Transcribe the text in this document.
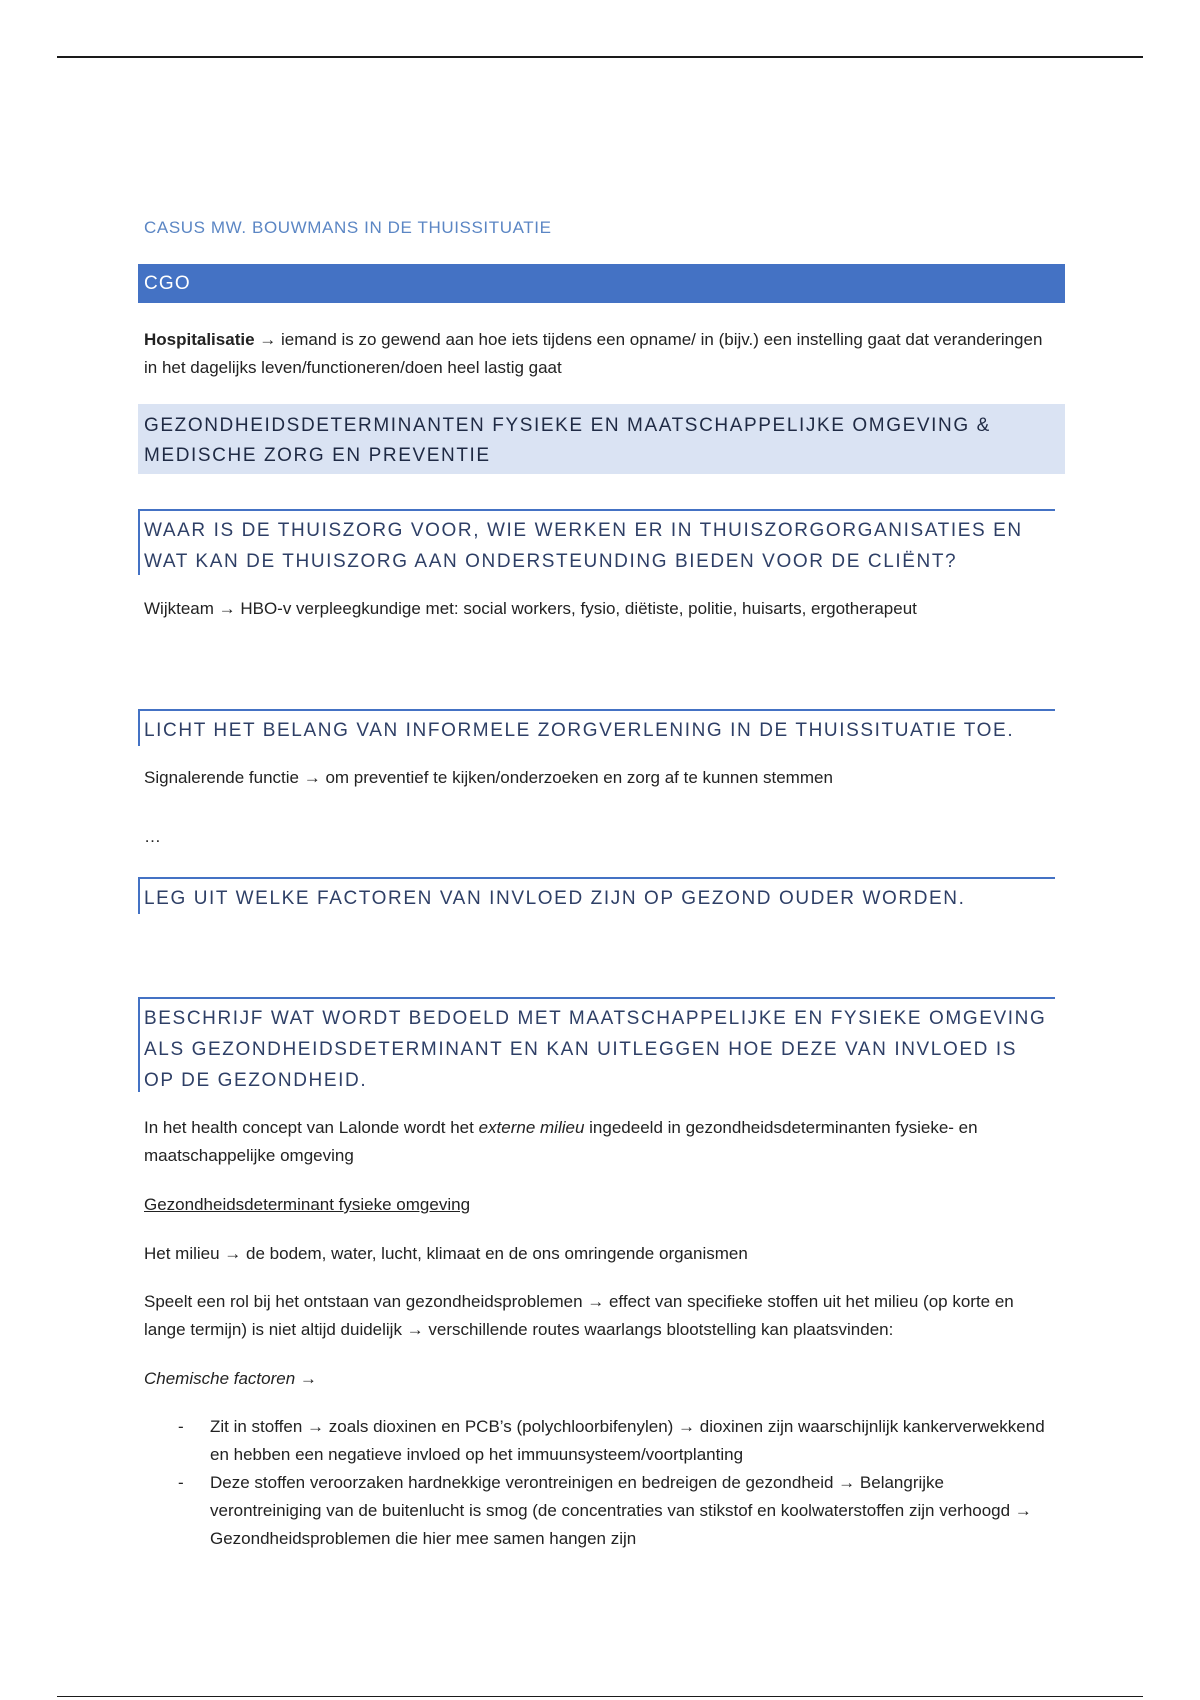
CASUS MW. BOUWMANS IN DE THUISSITUATIE
CGO
Hospitalisatie → iemand is zo gewend aan hoe iets tijdens een opname/ in (bijv.) een instelling gaat dat veranderingen in het dagelijks leven/functioneren/doen heel lastig gaat
GEZONDHEIDSDETERMINANTEN FYSIEKE EN MAATSCHAPPELIJKE OMGEVING & MEDISCHE ZORG EN PREVENTIE
WAAR IS DE THUISZORG VOOR, WIE WERKEN ER IN THUISZORGORGANISATIES EN WAT KAN DE THUISZORG AAN ONDERSTEUNDING BIEDEN VOOR DE CLIËNT?
Wijkteam → HBO-v verpleegkundige met: social workers, fysio, diëtiste, politie, huisarts, ergotherapeut
LICHT HET BELANG VAN INFORMELE ZORGVERLENING IN DE THUISSITUATIE TOE.
Signalerende functie → om preventief te kijken/onderzoeken en zorg af te kunnen stemmen
…
LEG UIT WELKE FACTOREN VAN INVLOED ZIJN OP GEZOND OUDER WORDEN.
BESCHRIJF WAT WORDT BEDOELD MET MAATSCHAPPELIJKE EN FYSIEKE OMGEVING ALS GEZONDHEIDSDETERMINANT EN KAN UITLEGGEN HOE DEZE VAN INVLOED IS OP DE GEZONDHEID.
In het health concept van Lalonde wordt het externe milieu ingedeeld in gezondheidsdeterminanten fysieke- en maatschappelijke omgeving
Gezondheidsdeterminant fysieke omgeving
Het milieu → de bodem, water, lucht, klimaat en de ons omringende organismen
Speelt een rol bij het ontstaan van gezondheidsproblemen → effect van specifieke stoffen uit het milieu (op korte en lange termijn) is niet altijd duidelijk → verschillende routes waarlangs blootstelling kan plaatsvinden:
Chemische factoren →
- Zit in stoffen → zoals dioxinen en PCB’s (polychloorbifenylen) → dioxinen zijn waarschijnlijk kankerverwekkend en hebben een negatieve invloed op het immuunsysteem/voortplanting
- Deze stoffen veroorzaken hardnekkige verontreinigen en bedreigen de gezondheid → Belangrijke verontreiniging van de buitenlucht is smog (de concentraties van stikstof en koolwaterstoffen zijn verhoogd → Gezondheidsproblemen die hier mee samen hangen zijn
